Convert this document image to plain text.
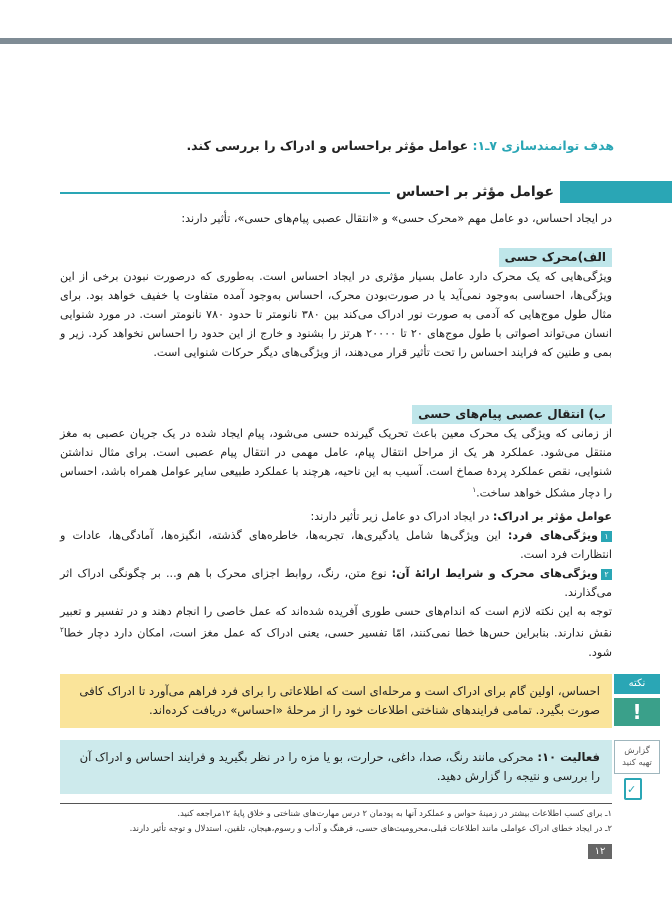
هدف توانمندسازی ۷ـ۱: عوامل مؤثر براحساس و ادراک را بررسی کند.
عوامل مؤثر بر احساس
در ایجاد احساس، دو عامل مهم «محرک حسی» و «انتقال عصبی پیام‌های حسی»، تأثیر دارند:
الف)محرک حسی
ویژگی‌هایی که یک محرک دارد عامل بسیار مؤثری در ایجاد احساس است. به‌طوری که درصورت نبودن برخی از این ویژگی‌ها، احساسی به‌وجود نمی‌آید یا در صورت‌بودن محرک، احساس به‌وجود آمده متفاوت یا خفیف خواهد بود. برای مثال طول موج‌هایی که آدمی به صورت نور ادراک می‌کند بین ۳۸۰ نانومتر تا حدود ۷۸۰ نانومتر است. در مورد شنوایی انسان می‌تواند اصواتی با طول موج‌های ۲۰ تا ۲۰۰۰۰ هرتز را بشنود و خارج از این حدود را احساس نخواهد کرد. زیر و بمی و طنین که فرایند احساس را تحت تأثیر قرار می‌دهند، از ویژگی‌های دیگر حرکات شنوایی است.
ب) انتقال عصبی پیام‌های حسی
از زمانی که ویژگی یک محرک معین باعث تحریک گیرنده حسی می‌شود، پیام ایجاد شده در یک جریان عصبی به مغز منتقل می‌شود. عملکرد هر یک از مراحل انتقال پیام، عامل مهمی در انتقال پیام عصبی است. برای مثال نداشتن شنوایی، نقص عملکرد پردهٔ صماخ است. آسیب به این ناحیه، هرچند با عملکرد طبیعی سایر عوامل همراه باشد، احساس را دچار مشکل خواهد ساخت.$^۱$
عوامل مؤثر بر ادراک: در ایجاد ادراک دو عامل زیر تأثیر دارند:
۱ویژگی‌های فرد: این ویژگی‌ها شامل یادگیری‌ها، تجربه‌ها، خاطره‌های گذشته، انگیزه‌ها، آمادگی‌ها، عادات و انتظارات فرد است.
۲ویژگی‌های محرک و شرایط ارائهٔ آن: نوع متن، رنگ، روابط اجزای محرک با هم و... بر چگونگی ادراک اثر می‌گذارند.
توجه به این نکته لازم است که اندام‌های حسی طوری آفریده شده‌اند که عمل خاصی را انجام دهند و در تفسیر و تعبیر نقش ندارند. بنابراین حس‌ها خطا نمی‌کنند، امّا تفسیر حسی، یعنی ادراک که عمل مغز است، امکان دارد دچار خطا$^۲$ شود.
نکته
!
احساس، اولین گام برای ادراک است و مرحله‌ای است که اطلاعاتی را برای فرد فراهم می‌آورد تا ادراک کافی صورت بگیرد. تمامی فرایندهای شناختی اطلاعات خود را از مرحلهٔ «احساس» دریافت کرده‌اند.
گزارش
تهیه کنید
✓
فعالیت ۱۰: محرکی مانند رنگ، صدا، داغی، حرارت، بو یا مزه را در نظر بگیرید و فرایند احساس و ادراک آن را بررسی و نتیجه را گزارش دهید.
۱ـ برای کسب اطلاعات بیشتر در زمینهٔ حواس و عملکرد آنها به پودمان ۲ درس مهارت‌های شناختی و خلاق پایهٔ ۱۲مراجعه کنید.
۲ـ در ایجاد خطای ادراک عواملی مانند اطلاعات قبلی،محرومیت‌های حسی، فرهنگ و آداب و رسوم،هیجان، تلقین، استدلال و توجه تأثیر دارند.
۱۲
